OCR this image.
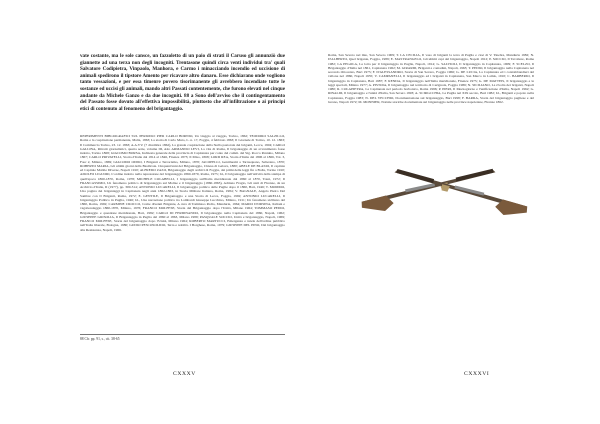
vate costante, ma le sole cansce, un fazzoletto di un paio di strati il Caruso gli annunziò due giannette ad una terza non degli incogniti. Trentasone quindi circa venti individui tra' quali Salvatore Codipietra, Vinpaolo, Manhora, e Carmo i minacciando incendio ed uccisione di animali spedirono il tipstore Amento per ricavare altro danaro. Esse dichiarano onde vogliono tanto vessazioni, e per essa timenre povero tisorimanente gli avrebbero incendiate tutte le sostanze ed uccisi gli animali, mando altri Passati contentemente, che furono elevati nel cinque andante da Michele Ganzo e da due incogniti. 88 a Sono dell'avviso che il contingentamento del Passato fosse dovuto all'effettiva impossibilità, piuttosto che all'infiltrazione o ai principi etici di contenuto al fenomeno del brigantaggio.

REPERIMENTI BIBLIOGRAFICI SUL PERIODO: PIER CARLO BORNIO, Un viaggio al viaggio, Torino, 1862; TEODORO SALZILLO, Roma e la cospirazione permanente, Malta, 1863; La storia di Carlo Muto, L. n. 17, Foggia, 4 febbraio 1863; Il Giornale di Torino, 10. 12. 1863; Il Commercio Torino, 23. 12. 1863; A.A.VV. (7 dicembre 1862), La grande cospirazione della Stella pastorale dei briganti, Lecce, 1904; CARLO GALLINA, Ritratti giornalistici, quarta serie, volume III, Atto ARMANDO LEVI, La vita di Roma, Il brigantaggio di un avvenimento fosse indotto, Torino 1868; GIACOMO BORSA, Inchiesta generale della provincia di Capitanata per conto del comm. del Sig. Rocco Pennino, Milano 1867; CARLO PRIVATELLI, Storia d'Italia dal 1814 al 1846, Firenze 1873; Il Miso, 1868; LORD REA, Storia d'Italia dal 1806 al 1866, Vol. 3, Fasc 2, Milano, 1869; GIACOMO ODDO, I Briganti e Terrorismo, Milano, 1870; JACOPELLI, Gentiluomi a Tarrasquano, Salterano, 1870; ROBERTO MARIA, Gli ultimi giorni della Basilicata. Cinquant'anni del Brigantaggio, Chiesa di Galava, 1880; ABELE DE BLASIO, Il capitale ed Capitale Mobile Diverse, Napoli 1910; ALFREDO ZAZO, Brigantaggio degli archivi di Foggia, dai primi delle leggi fin a Bolla, Torino 1910; ADOLFO LIGUORI, L'ordine indotto nella repressione del brigantaggio 1860-1870, Roma, 1975; Id., Il brigantaggio nell'attività della stampa di quell'epoca 1860-1870, Roma, 1978; MICHELE COLABELLI, I brigantaggio sull'Italia meridionale dal 1860 al 1870, Trani, 1972; Il FRANCASSIMO, Un fenomeno politico di brigantaggio sul Molise e il brigantaggio (1860-1863), Adriano Fragio, Gli stati di Firenze, da un Archivio d'Italia, II (1977), pp. 300-314; ANTONIO LUCARELLI, Il brigantaggio politico delle Puglie dopo il 1860, Bari, 1946; T. MOMMO, Una pagina dei brigantaggi in Capitanata negli anni 1862-1863, in Storia Militare Italiana, Roma, 1984; V. BAGNALE, Angelo Pietro Del Sambre con Il Briganti, Roma, 1972; E. GENTILE, Il Brigantaggio e una Storia di Lecce, Foggia, 1992; ANTONIO LUCARELLI, Il brigantaggio Politico in Puglia, 1946; Id., Una narrazione politica tra Lombardi Giuseppe Lucchino, Milano, 1911; Un fenomeno siciliano del 1860, Roma, 1992; CARMINE CROCCO, Come divenni Brigante, A cura di Tommaso Pedio, Manduria, 1964; MARIO D'ORSINA, Italiani e vagabondaggio 1860-1870, Milano, 1976; FRANCO MOLFESE, Storia del Brigantaggio dopo l'Unità, Milano 1964; TOMMASO PEDIO, Brigantaggio e questione meridionale, Bari, 1982; CARLO DI FERDINANDO, Il brigantaggio nella Capitanata del 1860, Napoli, 1962; GIUSEPPE GRISOLIA, Il Brigantaggio in Puglia dal 1860 al 1863, Milano 1989; PASQUALE SOCCIO, Unità e brigantaggio, Napoli, 1969; FRANCO MOLFESE, Storia del brigantaggio dopo l'Unità, Milano 1964; ROBERTO MARTUCCI, Emergenza e tutela dell'ordine pubblico nell'Italia liberale, Bologna, 1980; GUIDO PESCOSOLIDO, Terra e nobiltà. I Borghese, Roma, 1979; GIUSEPPE DEL PINO, Dal brigantaggio alla Resistenza, Napoli, 1966.
88 Cfr. pp. 91, s., cit. 38-65
CXXXV
Roma, San Severo nel mio, San Severo 1909; T. LA CECILIA, Il vaso di briganti la terra di Puglia e cioè di V. Tinebra, Manduria 1982; N. D'ALBERTO, Quel brigante, Foggia, 1989; E. MASTRANGELO, Gli ultimi capi del brigantaggio, Napoli 1912; P. SOCCIO, Il Tavoliere, Roma 1982; LA PEGOLA, La lotta per il brigantaggio in Puglia, Napoli, 1914; G. SALVIOLI, Il brigantaggio in Capitanata, 1909; F. SCELZO, Il Brigantaggio d'Italia nel 1861, Capitanata 1962; M. GIRARDI, Briganti e contadini, Napoli, 1963; T. PEDIO, Il brigantaggio nella Capitanata nel secondo Ottocento, Bari 1975; F. D'ALESSANDRO, Storia di San Severo, Foggia 1966; G. DE LUCIA, La Capitanata ed i contrabbandieri del vallone nel 1860, Napoli 1935; V. CAMPANELLI, Il brigantaggio ed i briganti in Capitanata, San Marco in Lamis, 1910; C. BARBERIO, Il brigantaggio in Capitanata, Bari 1987; F. RENDA, Il brigantaggio nell'Italia meridionale, Firenze 1975; G. DE MATTEIS, Il brigantaggio e le leggi speciali, Milano 1977; A. PISTOIA, Il brigantaggio nel territorio di Cerignola, Foggia 1986; N. SICILIANO, La rivolta dei briganti, Napoli 1980; R. COLAPIETRA, La Capitanata nel periodo borbonico, Roma 1996; P. PIERI, Il Mezzogiorno e l'unificazione d'Italia, Napoli 1962; G. RINALDI, Il brigantaggio e l'unità d'Italia, San Severo 1993; A. SCIRGCCHIA, La Puglia nel XIX secolo, Bari 1982; Id., Briganti e popolo nella Capitanata, Foggia 1983; N. DEL VECCHIO, Documentazione sul brigantaggio, Bari 1998; F. BARRA, Storia del brigantaggio pugliese e del lucano, Napoli 1972; M. MONNIER, Notizie storiche documentate sul brigantaggio nelle province napoletane, Firenze 1862.
CXXXVI
